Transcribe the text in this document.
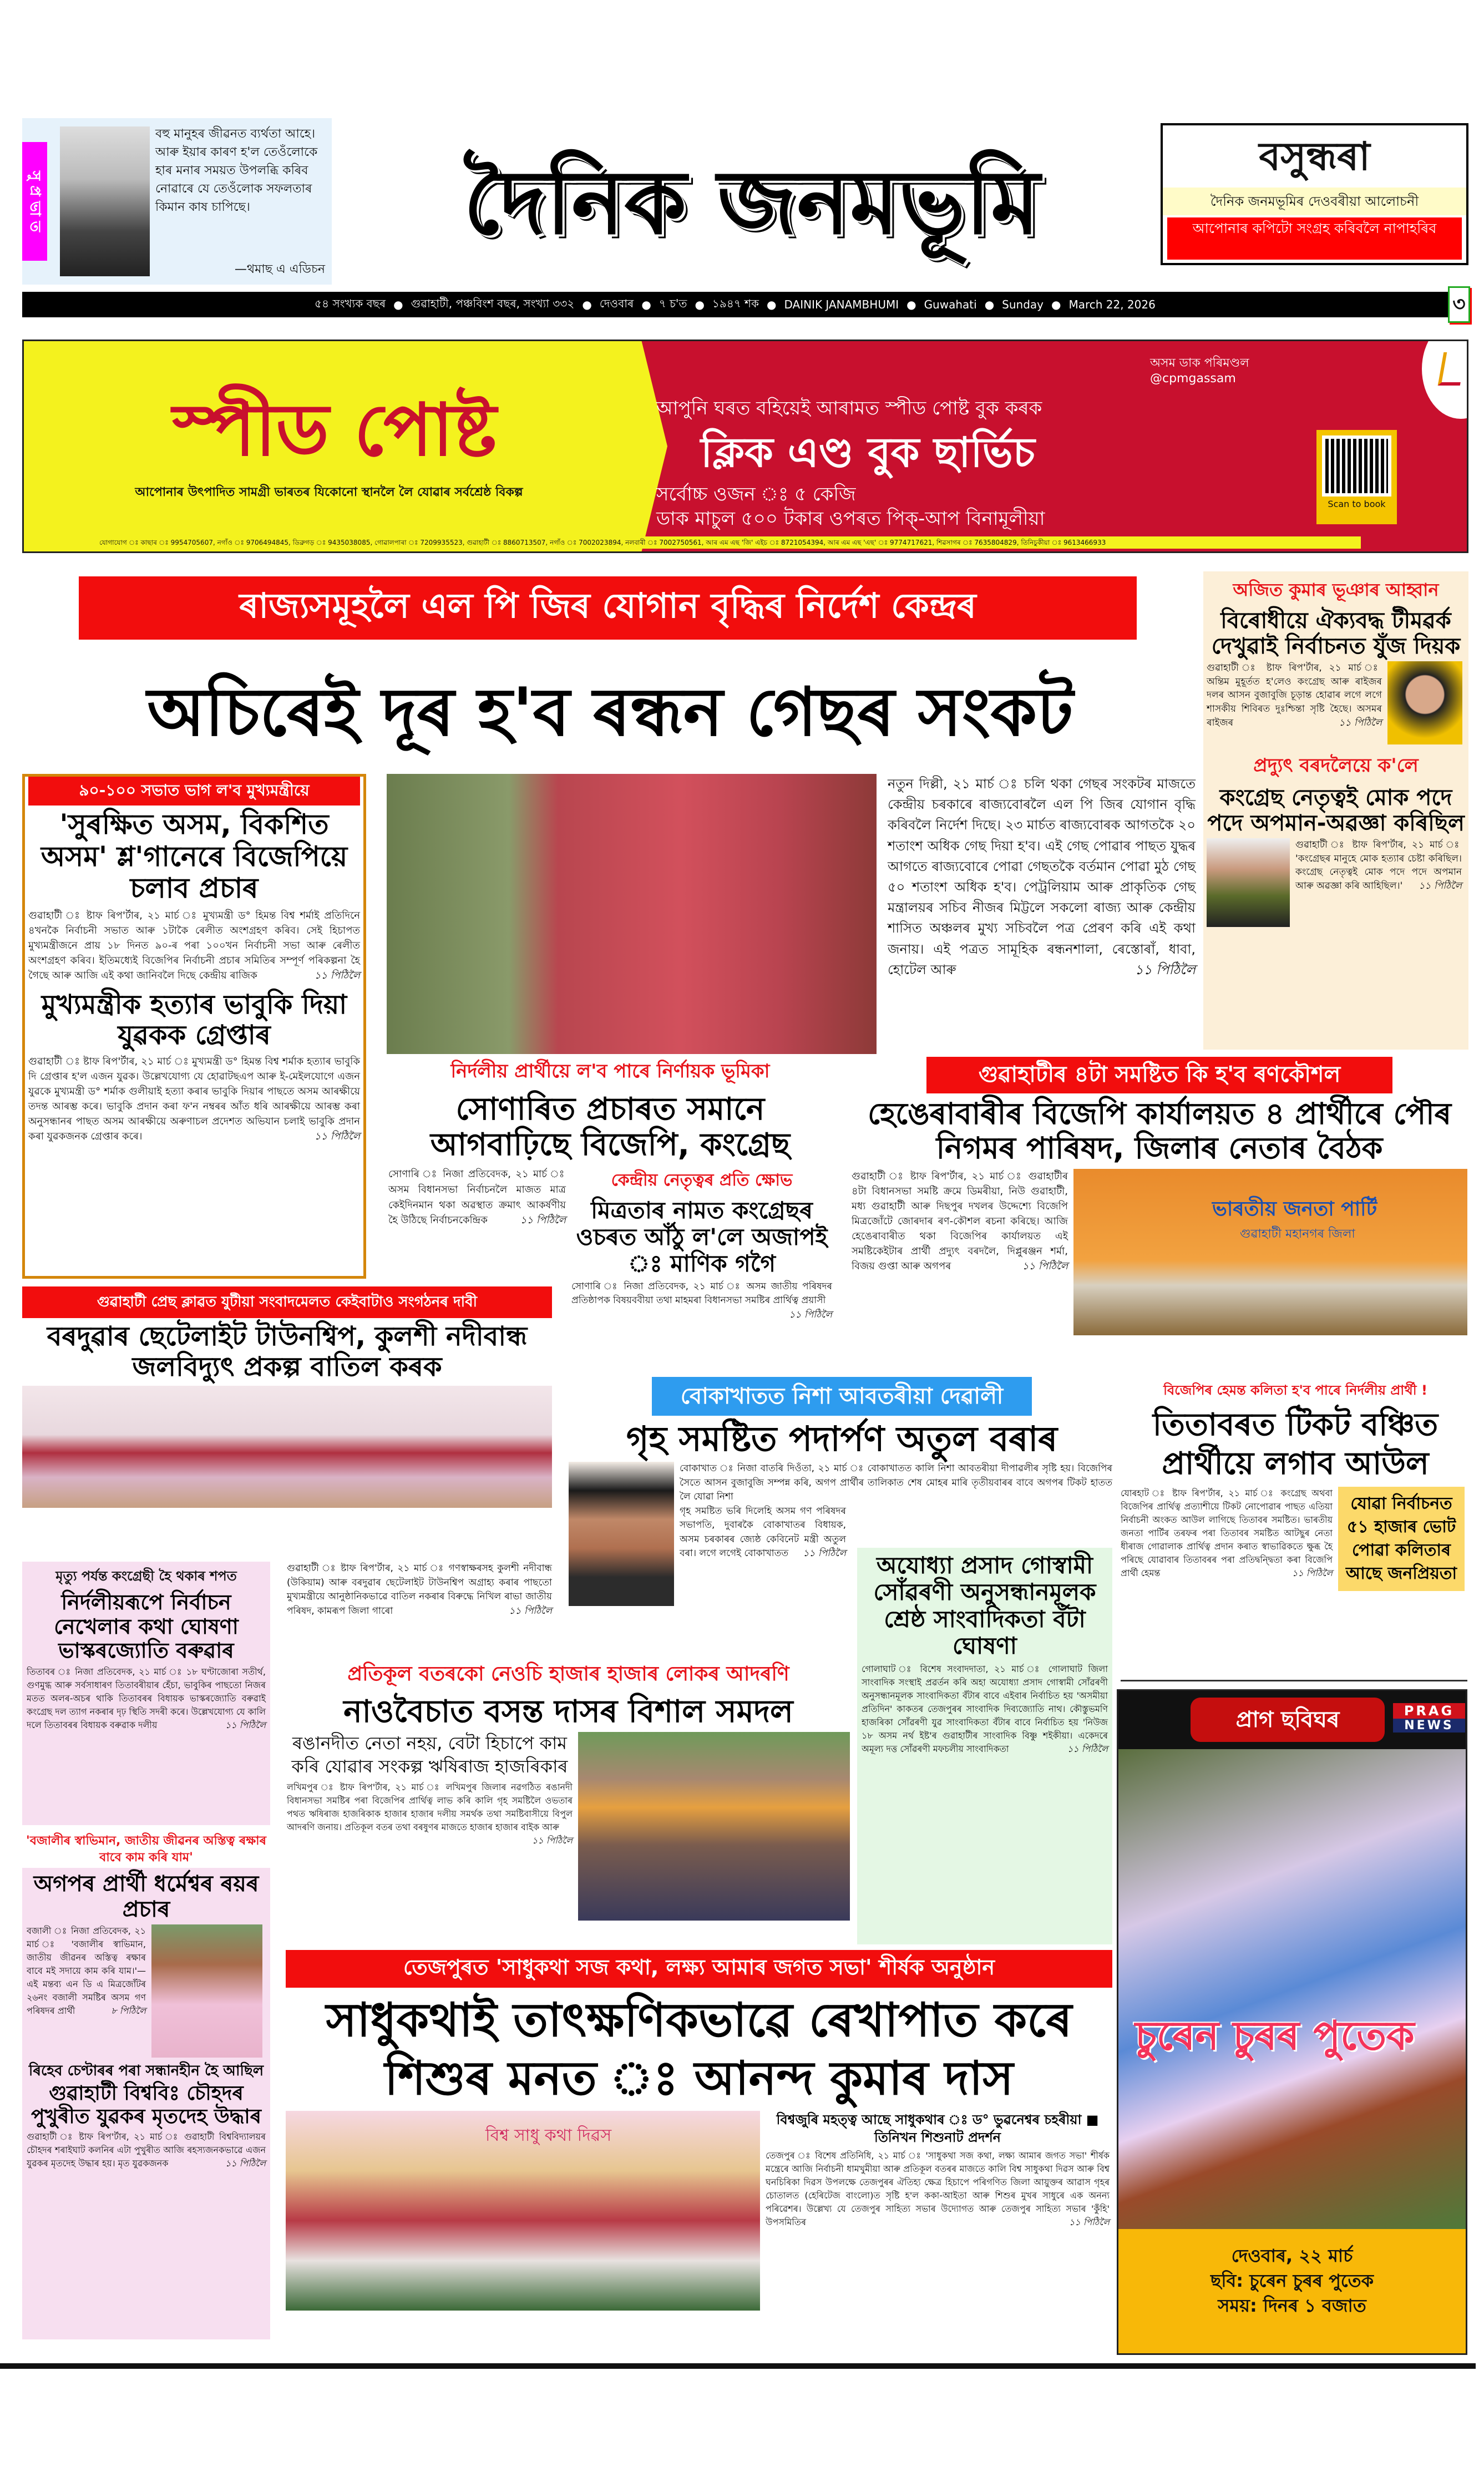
সু প্ৰ ভা ত
বহু মানুহৰ জীৱনত ব্যৰ্থতা আহে। আৰু ইয়াৰ কাৰণ হ'ল তেওঁলোকে হাৰ মনাৰ সময়ত উপলব্ধি কৰিব নোৱাৰে যে তেওঁলোক সফলতাৰ কিমান কাষ চাপিছে।
—থমাছ এ এডিচন
দৈনিক জনমভূমি	বসুন্ধৰা
দৈনিক জনমভূমিৰ দেওবৰীয়া আলোচনী
আপোনাৰ কপিটো সংগ্ৰহ কৰিবলৈ নাপাহৰিব
৫৪ সংখ্যক বছৰ ● গুৱাহাটী, পঞ্চবিংশ বছৰ, সংখ্যা ৩৩২ ● দেওবাৰ ● ৭ চ'ত ● ১৯৪৭ শক ● DAINIK JANAMBHUMI ● Guwahati ● Sunday ● March 22, 2026	৩
স্পীড পোষ্ট
আপোনাৰ উৎপাদিত সামগ্ৰী ভাৰতৰ যিকোনো স্থানলৈ লৈ যোৱাৰ সৰ্বশ্ৰেষ্ঠ বিকল্প
অসম ডাক পৰিমণ্ডল
@cpmgassam
আপুনি ঘৰত বহিয়েই আৰামত স্পীড পোষ্ট বুক কৰক
ক্লিক এণ্ড বুক ছাৰ্ভিচ
সৰ্বোচ্চ ওজন ঃ ৫ কেজি
ডাক মাচুল ৫০০ টকাৰ ওপৰত পিক্-আপ বিনামূলীয়া
Scan to book
যোগাযোগ ঃ কাছাৰ ঃ 9954705607, নগাঁও ঃ 9706494845, ডিব্ৰুগড় ঃ 9435038085, গোৱালপাৰা ঃ 7209935523, গুৱাহাটী ঃ 8860713507, নগাঁও ঃ 7002023894, নলবাৰী ঃ 7002750561, আৰ এম এছ 'জি' এইচ ঃ 8721054394, আৰ এম এছ 'এছ' ঃ 9774717621, শিৱসাগৰ ঃ 7635804829, তিনিচুকীয়া ঃ 9613466933
ৰাজ্যসমূহলৈ এল পি জিৰ যোগান বৃদ্ধিৰ নিৰ্দেশ কেন্দ্ৰৰ
অচিৰেই দূৰ হ'ব ৰন্ধন গেছৰ সংকট
নতুন দিল্লী, ২১ মাৰ্চ ঃ চলি থকা গেছৰ সংকটৰ মাজতে কেন্দ্ৰীয় চৰকাৰে ৰাজ্যবোৰলৈ এল পি জিৰ যোগান বৃদ্ধি কৰিবলৈ নিৰ্দেশ দিছে। ২৩ মাৰ্চত ৰাজ্যবোৰক আগতকৈ ২০ শতাংশ অধিক গেছ দিয়া হ'ব। এই গেছ পোৱাৰ পাছত যুদ্ধৰ আগতে ৰাজ্যবোৰে পোৱা গেছতকৈ বৰ্তমান পোৱা মুঠ গেছ ৫০ শতাংশ অধিক হ'ব। পেট্ৰলিয়াম আৰু প্ৰাকৃতিক গেছ মন্ত্ৰালয়ৰ সচিব নীজৰ মিট্টলে সকলো ৰাজ্য আৰু কেন্দ্ৰীয় শাসিত অঞ্চলৰ মুখ্য সচিবলৈ পত্ৰ প্ৰেৰণ কৰি এই কথা জনায়। এই পত্ৰত সামূহিক ৰন্ধনশালা, ৰেস্তোৰাঁ, ধাবা, হোটেল আৰু	১১ পিঠিলৈ
অজিত কুমাৰ ভূঞাৰ আহ্বান
বিৰোধীয়ে ঐক্যবদ্ধ টীমৱৰ্ক দেখুৱাই নিৰ্বাচনত যুঁজ দিয়ক
গুৱাহাটী ঃ ষ্টাফ ৰিপ'ৰ্টাৰ, ২১ মাৰ্চ ঃ অন্তিম মুহূৰ্তত হ'লেও কংগ্ৰেছ আৰু ৰাইজৰ দলৰ আসন বুজাবুজি চূড়ান্ত হোৱাৰ লগে লগে শাসকীয় শিবিৰত দুঃশ্চিন্তা সৃষ্টি হৈছে। অসমৰ ৰাইজৰ	১১ পিঠিলৈ
প্ৰদ্যুৎ বৰদলৈয়ে ক'লে
কংগ্ৰেছ নেতৃত্বই মোক পদে পদে অপমান-অৱজ্ঞা কৰিছিল
গুৱাহাটী ঃ ষ্টাফ ৰিপ'ৰ্টাৰ, ২১ মাৰ্চ ঃ 'কংগ্ৰেছৰ মানুহে মোক হত্যাৰ চেষ্টা কৰিছিল। কংগ্ৰেছ নেতৃত্বই মোক পদে পদে অপমান আৰু অৱজ্ঞা কৰি আহিছিল।' ১১ পিঠিলৈ
৯০-১০০ সভাত ভাগ ল'ব মুখ্যমন্ত্ৰীয়ে
'সুৰক্ষিত অসম, বিকশিত অসম' শ্ল'গানেৰে বিজেপিয়ে চলাব প্ৰচাৰ
গুৱাহাটী ঃ ষ্টাফ ৰিপ'ৰ্টাৰ, ২১ মাৰ্চ ঃ মুখ্যমন্ত্ৰী ড° হিমন্ত বিশ্ব শৰ্মাই প্ৰতিদিনে ৪খনকৈ নিৰ্বাচনী সভাত আৰু ১টাকৈ ৰেলীত অংশগ্ৰহণ কৰিব। সেই হিচাপত মুখ্যমন্ত্ৰীজনে প্ৰায় ১৮ দিনত ৯০-ৰ পৰা ১০০খন নিৰ্বাচনী সভা আৰু ৰেলীত অংশগ্ৰহণ কৰিব। ইতিমধ্যেই বিজেপিৰ নিৰ্বাচনী প্ৰচাৰ সমিতিৰ সম্পূৰ্ণ পৰিকল্পনা হৈ গৈছে আৰু আজি এই কথা জানিবলৈ দিছে কেন্দ্ৰীয় ৰাজিক	১১ পিঠিলৈ
মুখ্যমন্ত্ৰীক হত্যাৰ ভাবুকি দিয়া যুৱকক গ্ৰেপ্তাৰ
গুৱাহাটী ঃ ষ্টাফ ৰিপ'ৰ্টাৰ, ২১ মাৰ্চ ঃ মুখ্যমন্ত্ৰী ড° হিমন্ত বিশ্ব শৰ্মাক হত্যাৰ ভাবুকি দি গ্ৰেপ্তাৰ হ'ল এজন যুৱক। উল্লেখযোগ্য যে হোৱাটছএপ আৰু ই-মেইলযোগে এজন যুৱকে মুখ্যমন্ত্ৰী ড° শৰ্মাক গুলীয়াই হত্যা কৰাৰ ভাবুকি দিয়াৰ পাছতে অসম আৰক্ষীয়ে তদন্ত আৰম্ভ কৰে। ভাবুকি প্ৰদান কৰা ফ'ন নম্বৰৰ আঁত ধৰি আৰক্ষীয়ে আৰম্ভ কৰা অনুসন্ধানৰ পাছত অসম আৰক্ষীয়ে অৰুণাচল প্ৰদেশত অভিযান চলাই ভাবুকি প্ৰদান কৰা যুৱকজনক গ্ৰেপ্তাৰ কৰে।	১১ পিঠিলৈ
নিৰ্দলীয় প্ৰাৰ্থীয়ে ল'ব পাৰে নিৰ্ণায়ক ভূমিকা
সোণাৰিত প্ৰচাৰত সমানে আগবাঢ়িছে বিজেপি, কংগ্ৰেছ
সোণাৰি ঃ নিজা প্ৰতিবেদক, ২১ মাৰ্চ ঃ অসম বিধানসভা নিৰ্বাচনলৈ মাজত মাত্ৰ কেইদিনমান থকা অৱস্থাত ক্ৰমাৎ আকৰ্ষণীয় হৈ উঠিছে নিৰ্বাচনকেন্দ্ৰিক	১১ পিঠিলৈ
কেন্দ্ৰীয় নেতৃত্বৰ প্ৰতি ক্ষোভ
মিত্ৰতাৰ নামত কংগ্ৰেছৰ ওচৰত আঁঠু ল'লে অজাপই ঃ মাণিক গগৈ
সোণাৰি ঃ নিজা প্ৰতিবেদক, ২১ মাৰ্চ ঃ অসম জাতীয় পৰিষদৰ প্ৰতিষ্ঠাপক বিষয়ববীয়া তথা মাহমৰা বিধানসভা সমষ্টিৰ প্ৰাৰ্থিত্ব প্ৰয়াসী
১১ পিঠিলৈ
গুৱাহাটীৰ ৪টা সমষ্টিত কি হ'ব ৰণকৌশল
হেঙেৰাবাৰীৰ বিজেপি কাৰ্যালয়ত ৪ প্ৰাৰ্থীৰে পৌৰ নিগমৰ পাৰিষদ, জিলাৰ নেতাৰ বৈঠক
গুৱাহাটী ঃ ষ্টাফ ৰিপ'ৰ্টাৰ, ২১ মাৰ্চ ঃ গুৱাহাটীৰ ৪টা বিধানসভা সমষ্টি ক্ৰমে ডিমৰীয়া, নিউ গুৱাহাটী, মধ্য গুৱাহাটী আৰু দিছপুৰ দখলৰ উদ্দেশ্যে বিজেপি মিত্ৰজোঁটে জোৰদাৰ ৰণ-কৌশল ৰচনা কৰিছে। আজি হেঙেৰাবাৰীত থকা বিজেপিৰ কাৰ্যালয়ত এই সমষ্টিকেইটাৰ প্ৰাৰ্থী প্ৰদ্যুৎ বৰদলৈ, দিপ্লুৰঞ্জন শৰ্মা, বিজয় গুপ্তা আৰু অগপৰ	১১ পিঠিলৈ
ভাৰতীয় জনতা পাৰ্টি
গুৱাহাটী মহানগৰ জিলা
গুৱাহাটী প্ৰেছ ক্লাৱত যুটীয়া সংবাদমেলত কেইবাটাও সংগঠনৰ দাবী
বৰদুৱাৰ ছেটেলাইট টাউনশ্বিপ, কুলশী নদীবান্ধ জলবিদ্যুৎ প্ৰকল্প বাতিল কৰক
গুৱাহাটী ঃ ষ্টাফ ৰিপ'ৰ্টাৰ, ২১ মাৰ্চ ঃ গণস্বাক্ষৰসহ কুলশী নদীবান্ধ (উকিয়াম) আৰু বৰদুৱাৰ ছেটেলাইট টাউনশ্বিপ অগ্ৰাহ্য কৰাৰ পাছতো মুখ্যমন্ত্ৰীয়ে আনুষ্ঠানিকভাৱে বাতিল নকৰাৰ বিৰুদ্ধে নিখিল ৰাভা জাতীয় পৰিষদ, কামৰূপ জিলা গাৰো	১১ পিঠিলৈ
মৃত্যু পৰ্যন্ত কংগ্ৰেছী হৈ থকাৰ শপত
নিৰ্দলীয়ৰূপে নিৰ্বাচন নেখেলাৰ কথা ঘোষণা ভাস্কৰজ্যোতি বৰুৱাৰ
তিতাবৰ ঃ নিজা প্ৰতিবেদক, ২১ মাৰ্চ ঃ ১৮ ঘণ্টাজোৰা সতীৰ্থ, গুণমুগ্ধ আৰু সৰ্বসাধাৰণ তিতাবৰীয়াৰ হেঁচা, ভাবুকিৰ পাছতো নিজৰ মতত অলৰ-অচৰ থাকি তিতাবৰৰ বিধায়ক ভাস্কৰজ্যোতি বৰুৱাই কংগ্ৰেছ দল ত্যাগ নকৰাৰ দৃঢ় স্থিতি সদৰী কৰে। উল্লেখযোগ্য যে কালি দলে তিতাবৰৰ বিধায়ক বৰুৱাক দলীয়	১১ পিঠিলৈ
'বজালীৰ স্বাভিমান, জাতীয় জীৱনৰ অস্তিত্ব ৰক্ষাৰ বাবে কাম কৰি যাম'
অগপৰ প্ৰাৰ্থী ধৰ্মেশ্বৰ ৰয়ৰ প্ৰচাৰ
বজালী ঃ নিজা প্ৰতিবেদক, ২১ মাৰ্চ ঃ 'বজালীৰ স্বাভিমান, জাতীয় জীৱনৰ অস্তিত্ব ৰক্ষাৰ বাবে মই সদায়ে কাম কৰি যাম।'— এই মন্তব্য এন ডি এ মিত্ৰজোঁটৰ ২৬নং বজালী সমষ্টিৰ অসম গণ পৰিষদৰ প্ৰাৰ্থী	৮ পিঠিলৈ
ৰিহেব চেণ্টাৰৰ পৰা সন্ধানহীন হৈ আছিল
গুৱাহাটী বিশ্ববিঃ চৌহদৰ পুখুৰীত যুৱকৰ মৃতদেহ উদ্ধাৰ
গুৱাহাটী ঃ ষ্টাফ ৰিপ'ৰ্টাৰ, ২১ মাৰ্চ ঃ গুৱাহাটী বিশ্ববিদ্যালয়ৰ চৌহদৰ শৰাইঘাট কলনিৰ এটা পুখুৰীত আজি ৰহস্যজনকভাৱে এজন যুৱকৰ মৃতদেহ উদ্ধাৰ হয়। মৃত যুৱকজনক	১১ পিঠিলৈ
বোকাখাতত নিশা আবতৰীয়া দেৱালী
গৃহ সমষ্টিত পদাৰ্পণ অতুল বৰাৰ
বোকাখাত ঃ নিজা বাতৰি দিওঁতা, ২১ মাৰ্চ ঃ বোকাখাতত কালি নিশা আবতৰীয়া দীপাৱলীৰ সৃষ্টি হয়। বিজেপিৰ সৈতে আসন বুজাবুজি সম্পন্ন কৰি, অগপ প্ৰাৰ্থীৰ তালিকাত শেষ মোহৰ মাৰি তৃতীয়বাৰৰ বাবে অগপৰ টিকট হাতত লৈ যোৱা নিশা
গৃহ সমষ্টিত ভৰি দিলেহি অসম গণ পৰিষদৰ সভাপতি, দুবাৰকৈ বোকাখাতৰ বিধায়ক, অসম চৰকাৰৰ জ্যেষ্ঠ কেবিনেট মন্ত্ৰী অতুল বৰা। লগে লগেই বোকাখাতত ১১ পিঠিলৈ	অযোধ্যা প্ৰসাদ গোস্বামী সোঁৱৰণী অনুসন্ধানমূলক শ্ৰেষ্ঠ সাংবাদিকতা বঁটা ঘোষণা
গোলাঘাট ঃ বিশেষ সংবাদদাতা, ২১ মাৰ্চ ঃ গোলাঘাট জিলা সাংবাদিক সংস্থাই প্ৰৱৰ্তন কৰি অহা অযোধ্যা প্ৰসাদ গোস্বামী সোঁৱৰণী অনুসন্ধানমূলক সাংবাদিকতা বঁটাৰ বাবে এইবাৰ নিৰ্বাচিত হয় 'অসমীয়া প্ৰতিদিন' কাকতৰ তেজপুৰৰ সাংবাদিক দিব্যজ্যোতি নাথ। কৌস্তুভমণি হাজৰিকা সোঁৱৰণী যুৱ সাংবাদিকতা বঁটাৰ বাবে নিৰ্বাচিত হয় 'নিউজ ১৮ অসম নৰ্থ ইষ্ট'ৰ গুৱাহাটীৰ সাংবাদিক বিষ্ণু শইকীয়া। একেদৰে অমূল্য দত্ত সোঁৱৰণী মফচলীয় সাংবাদিকতা	১১ পিঠিলৈ
বিজেপিৰ হেমন্ত কলিতা হ'ব পাৰে নিৰ্দলীয় প্ৰাৰ্থী !
তিতাবৰত টিকট বঞ্চিত প্ৰাৰ্থীয়ে লগাব আউল
যোৰহাট ঃ ষ্টাফ ৰিপ'ৰ্টাৰ, ২১ মাৰ্চ ঃ কংগ্ৰেছ অথবা বিজেপিৰ প্ৰাৰ্থিত্ব প্ৰত্যাশীয়ে টিকট নোপোৱাৰ পাছত এতিয়া নিৰ্বাচনী অংকত আউল লাগিছে তিতাবৰ সমষ্টিত। ভাৰতীয় জনতা পাৰ্টিৰ তৰফৰ পৰা তিতাবৰ সমষ্টিত আটছুৰ নেতা ধীৰাজ গোৱালাক প্ৰাৰ্থিত্ব প্ৰদান কৰাত স্বাভাৱিকতে ক্ষুব্ধ হৈ পৰিছে যোৱাবাৰ তিতাবৰৰ পৰা প্ৰতিদ্বন্দ্বিতা কৰা বিজেপি প্ৰাৰ্থী হেমন্ত	১১ পিঠিলৈ
যোৱা নিৰ্বাচনত ৫১ হাজাৰ ভোট পোৱা কলিতাৰ আছে জনপ্ৰিয়তা
প্ৰতিকূল বতৰকো নেওচি হাজাৰ হাজাৰ লোকৰ আদৰণি
নাওবৈচাত বসন্ত দাসৰ বিশাল সমদল
ৰঙানদীত নেতা নহয়, বেটা হিচাপে কাম কৰি যোৱাৰ সংকল্প ঋষিৰাজ হাজৰিকাৰ
লখিমপুৰ ঃ ষ্টাফ ৰিপ'ৰ্টাৰ, ২১ মাৰ্চ ঃ লখিমপুৰ জিলাৰ নৱগঠিত ৰঙানদী বিধানসভা সমষ্টিৰ পৰা বিজেপিৰ প্ৰাৰ্থিত্ব লাভ কৰি কালি গৃহ সমষ্টিলৈ ওভতাৰ পথত ঋষিৰাজ হাজৰিকাক হাজাৰ হাজাৰ দলীয় সমৰ্থক তথা সমষ্টিবাসীয়ে বিপুল আদৰণি জনায়। প্ৰতিকূল বতৰ তথা বৰষুণৰ মাজতে হাজাৰ হাজাৰ বাইক আৰু
১১ পিঠিলৈ
তেজপুৰত 'সাধুকথা সজ কথা, লক্ষ্য আমাৰ জগত সভা' শীৰ্ষক অনুষ্ঠান
সাধুকথাই তাৎক্ষণিকভাৱে ৰেখাপাত কৰে শিশুৰ মনত ঃ আনন্দ কুমাৰ দাস
বিশ্ব সাধু কথা দিৱস
বিশ্বজুৰি মহত্ত্ব আছে সাধুকথাৰ ঃ ড° ভুৱনেশ্বৰ চহৰীয়া ■ তিনিখন শিশুনাট প্ৰদৰ্শন
তেজপুৰ ঃ বিশেষ প্ৰতিনিধি, ২১ মাৰ্চ ঃ 'সাধুকথা সজ কথা, লক্ষ্য আমাৰ জগত সভা' শীৰ্ষক মন্ত্ৰেৰে আজি নিৰ্বাচনী ধামখুমীয়া আৰু প্ৰতিকূল বতৰৰ মাজতে কালি বিশ্ব সাধুকথা দিৱস আৰু বিশ্ব ঘনচিৰিকা দিৱস উপলক্ষে তেজপুৰৰ ঐতিহ্য ক্ষেত্ৰ হিচাপে পৰিগণিত জিলা আয়ুক্তৰ আৱাস গৃহৰ চোতালত (হেৰিটেজ বাংলো)ত সৃষ্টি হ'ল ককা-আইতা আৰু শিশুৰ মুখৰ সাধুৰে এক অনন্য পৰিৱেশৰ। উল্লেখ্য যে তেজপুৰ সাহিত্য সভাৰ উদ্যোগত আৰু তেজপুৰ সাহিত্য সভাৰ 'কুঁহি' উপসমিতিৰ	১১ পিঠিলৈ
প্ৰাগ ছবিঘৰ	PRAG
NEWS
চুৰেন চুৰৰ পুতেক
দেওবাৰ, ২২ মাৰ্চ
ছবি: চুৰেন চুৰৰ পুতেক
সময়: দিনৰ ১ বজাত
